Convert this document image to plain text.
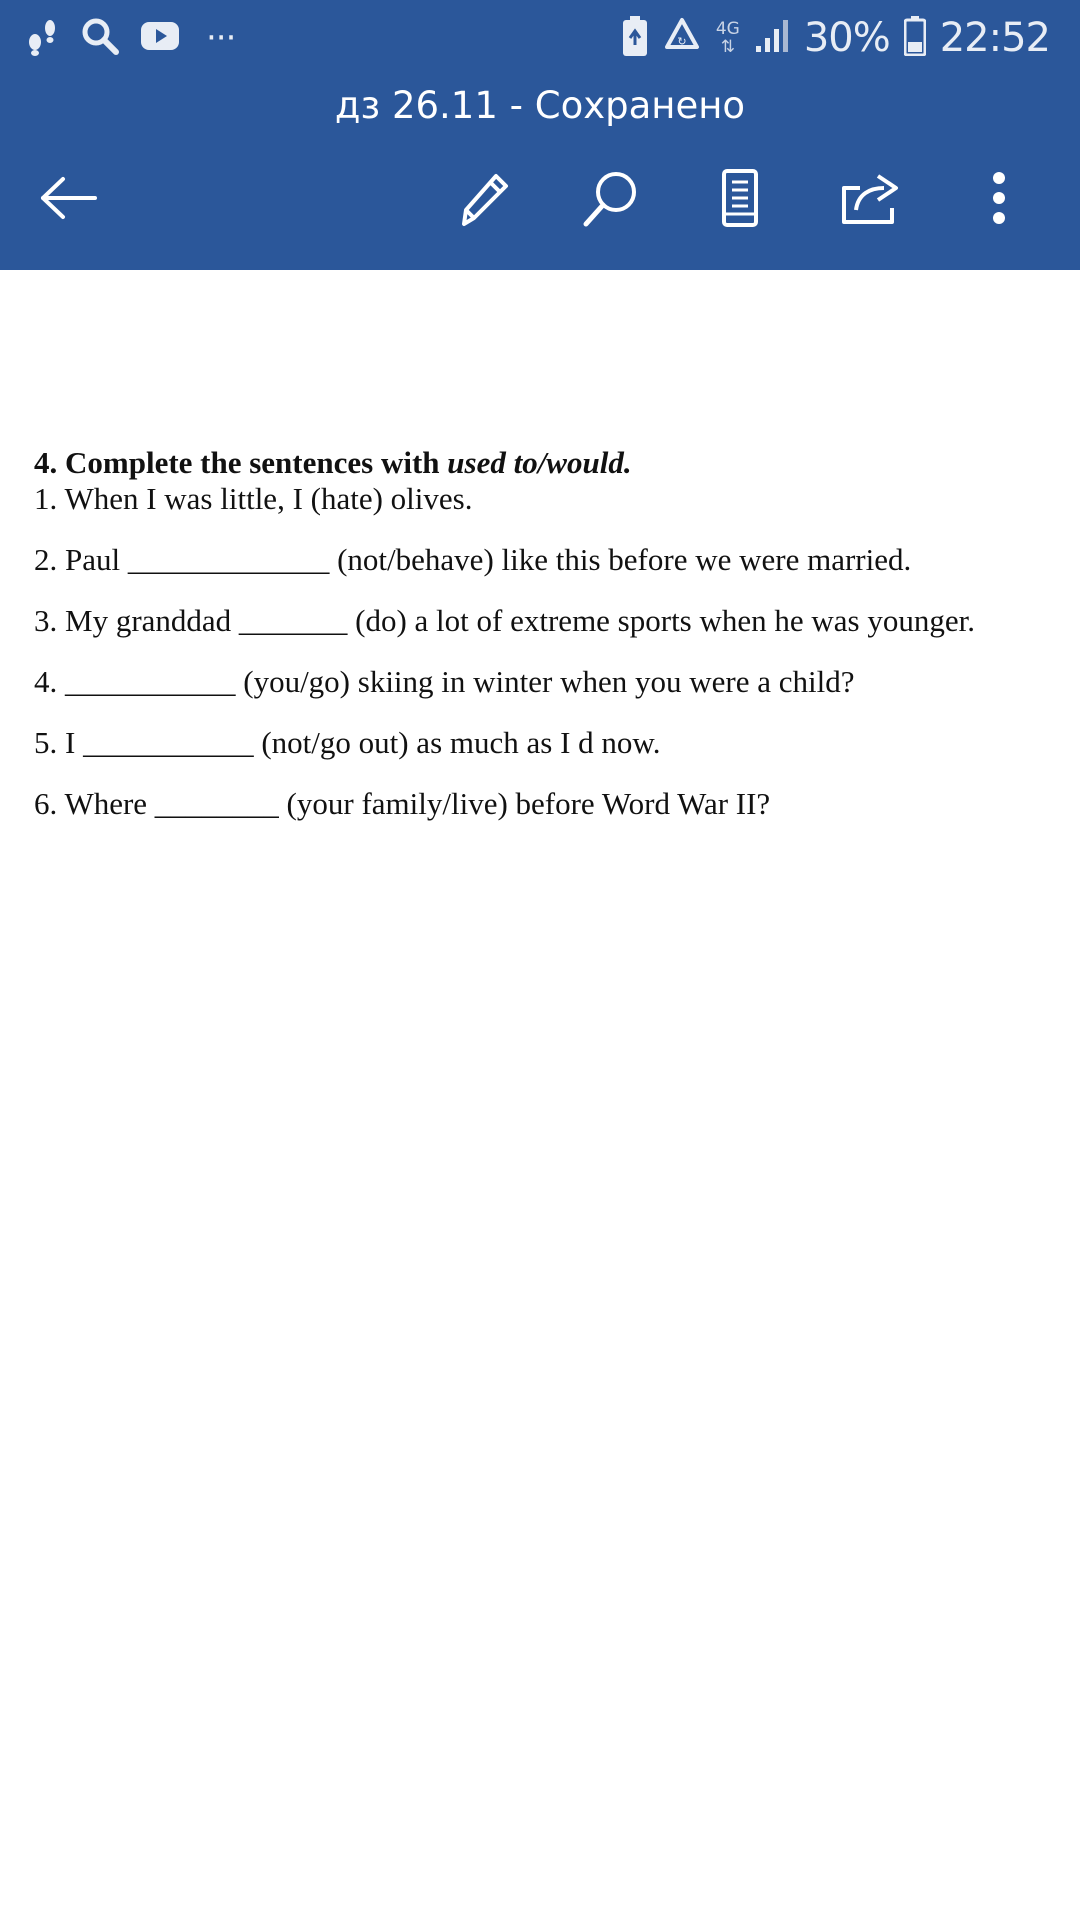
···	↻
4G
⇅ 30% 22:52
дз 26.11 - Сохранено

4. Complete the sentences with used to/would.

1. When I was little, I (hate) olives.

2. Paul _____________ (not/behave) like this before we were married.

3. My granddad _______ (do) a lot of extreme sports when he was younger.

4. ___________ (you/go) skiing in winter when you were a child?

5. I ___________ (not/go out) as much as I d now.

6. Where ________ (your family/live) before Word War II?
